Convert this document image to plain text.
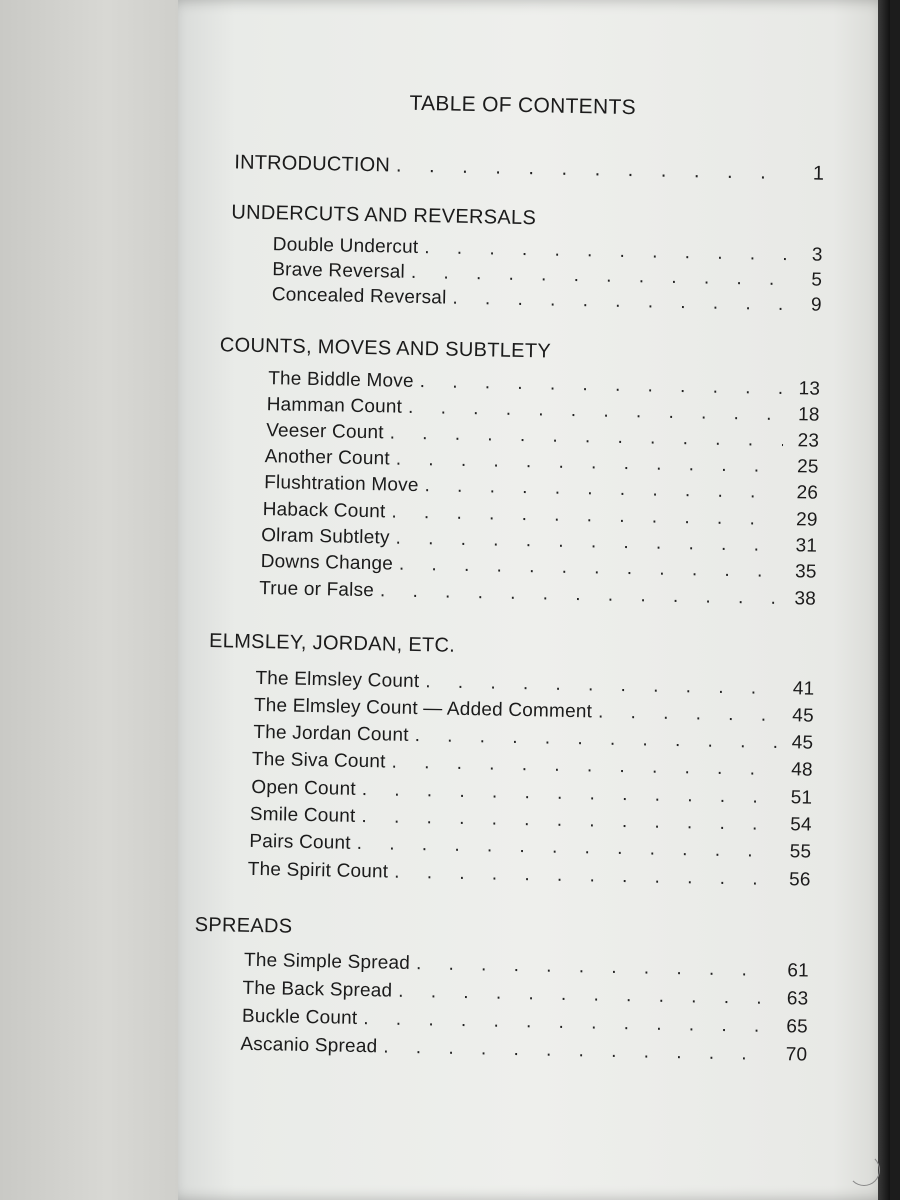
TABLE OF CONTENTS
INTRODUCTION . . .	1
UNDERCUTS AND REVERSALS
Double Undercut . . .	3
Brave Reversal . . .	5
Concealed Reversal . . .	9
COUNTS, MOVES AND SUBTLETY
The Biddle Move . . .	13
Hamman Count . . .	18
Veeser Count . . .	23
Another Count . . .	25
Flushtration Move . . .	26
Haback Count . . .	29
Olram Subtlety . . .	31
Downs Change . . .	35
True or False . . .	38
ELMSLEY, JORDAN, ETC.
The Elmsley Count . . .	41
The Elmsley Count — Added Comment . . .	45
The Jordan Count . . .	45
The Siva Count . . .	48
Open Count . . .	51
Smile Count . . .	54
Pairs Count . . .	55
The Spirit Count . . .	56
SPREADS
The Simple Spread . . .	61
The Back Spread . . .	63
Buckle Count . . .	65
Ascanio Spread . . .	70
